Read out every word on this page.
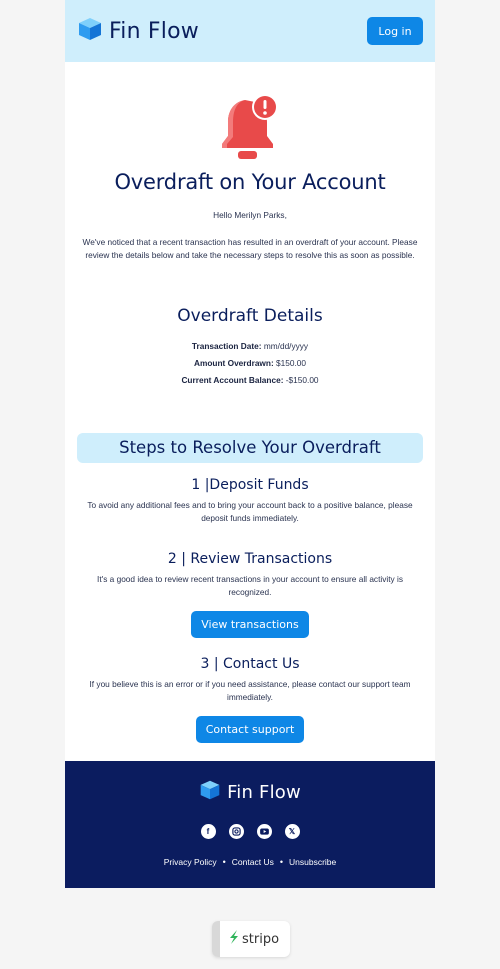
Fin Flow	Log in
Overdraft on Your Account

Hello Merilyn Parks,

We've noticed that a recent transaction has resulted in an overdraft of your account. Please review the details below and take the necessary steps to resolve this as soon as possible.

Overdraft Details
Transaction Date: mm/dd/yyyy
Amount Overdrawn: $150.00
Current Account Balance: -$150.00
Steps to Resolve Your Overdraft
1 |Deposit Funds

To avoid any additional fees and to bring your account back to a positive balance, please deposit funds immediately.

2 | Review Transactions

It's a good idea to review recent transactions in your account to ensure all activity is recognized.

View transactions
3 | Contact Us

If you believe this is an error or if you need assistance, please contact our support team immediately.

Contact support
Fin Flow
f	𝕏
Privacy Policy • Contact Us • Unsubscribe
stripo
